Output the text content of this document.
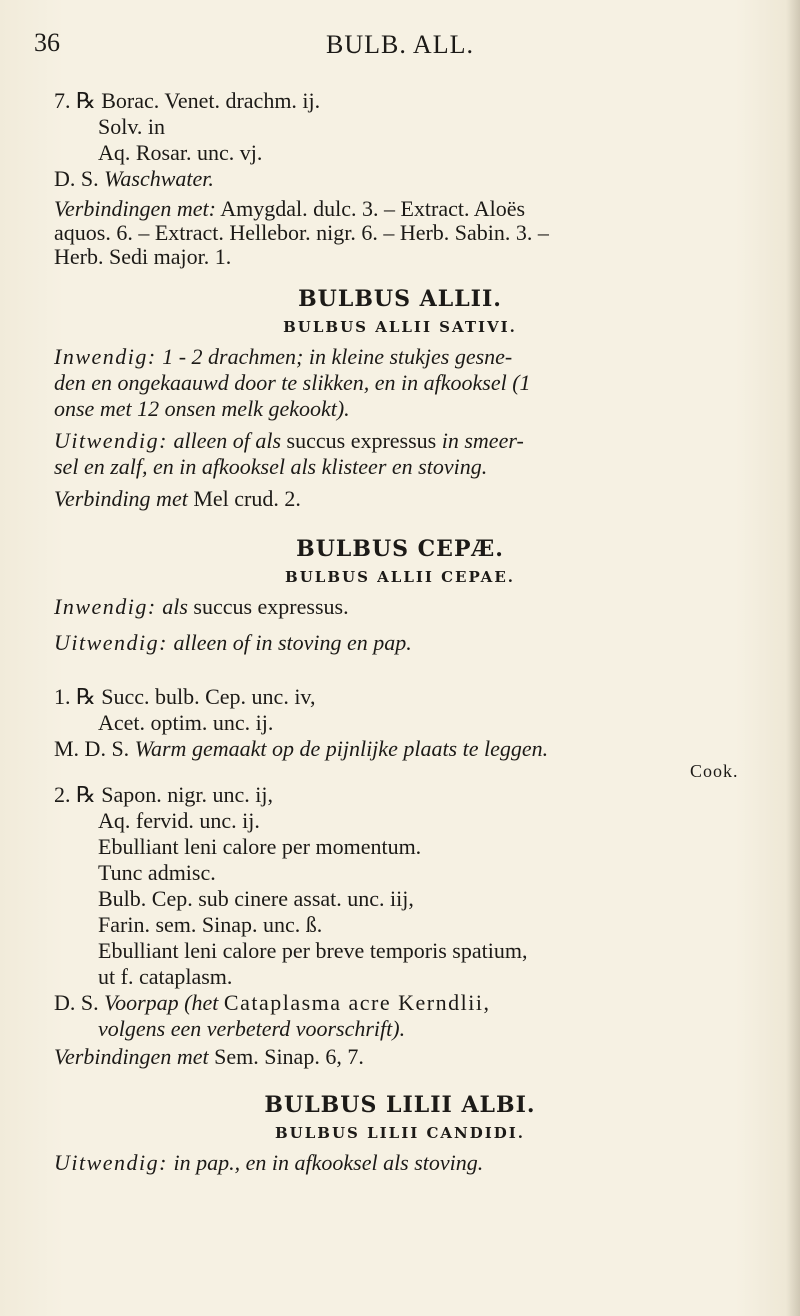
36	BULB. ALL.
7. ℞ Borac. Venet. drachm. ij.
Solv. in
Aq. Rosar. unc. vj.
D. S. Waschwater.
Verbindingen met: Amygdal. dulc. 3. – Extract. Aloës
aquos. 6. – Extract. Hellebor. nigr. 6. – Herb. Sabin. 3. –
Herb. Sedi major. 1.
BULBUS ALLII.
BULBUS ALLII SATIVI.
Inwendig: 1 - 2 drachmen; in kleine stukjes gesne-
den en ongekaauwd door te slikken, en in afkooksel (1
onse met 12 onsen melk gekookt).
Uitwendig: alleen of als succus expressus in smeer-
sel en zalf, en in afkooksel als klisteer en stoving.
Verbinding met Mel crud. 2.
BULBUS CEPÆ.
BULBUS ALLII CEPAE.
Inwendig: als succus expressus.
Uitwendig: alleen of in stoving en pap.
1. ℞ Succ. bulb. Cep. unc. iv,
Acet. optim. unc. ij.
M. D. S. Warm gemaakt op de pijnlijke plaats te leggen.
Cook.
2. ℞ Sapon. nigr. unc. ij,
Aq. fervid. unc. ij.
Ebulliant leni calore per momentum.
Tunc admisc.
Bulb. Cep. sub cinere assat. unc. iij,
Farin. sem. Sinap. unc. ß.
Ebulliant leni calore per breve temporis spatium,
ut f. cataplasm.
D. S. Voorpap (het Cataplasma acre Kerndlii,
volgens een verbeterd voorschrift).
Verbindingen met Sem. Sinap. 6, 7.
BULBUS LILII ALBI.
BULBUS LILII CANDIDI.
Uitwendig: in pap., en in afkooksel als stoving.
